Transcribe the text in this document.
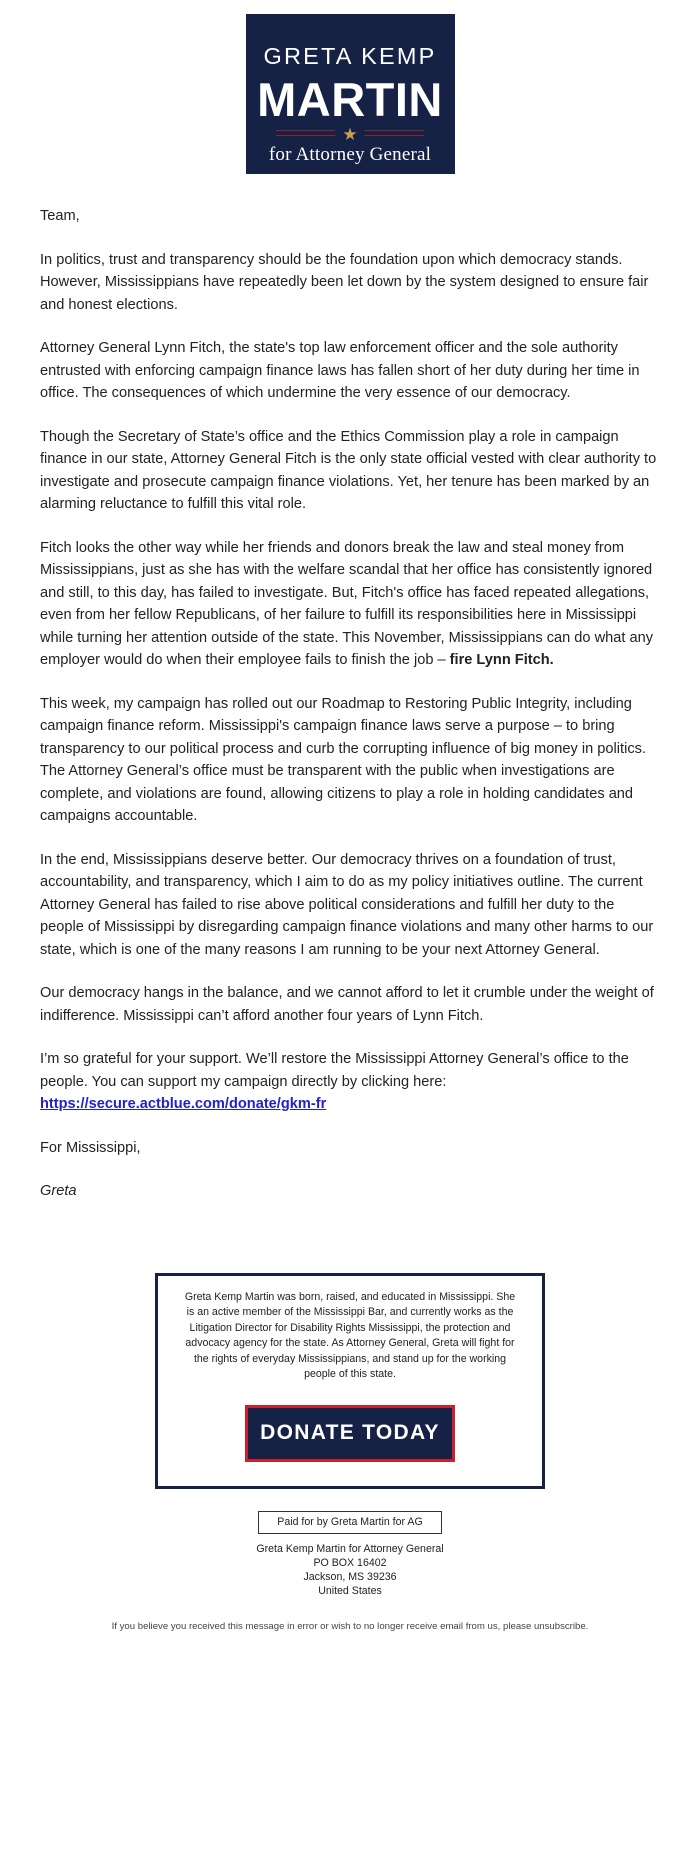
GRETA KEMP
MARTIN
★
for Attorney General

Team,

In politics, trust and transparency should be the foundation upon which democracy stands. However, Mississippians have repeatedly been let down by the system designed to ensure fair and honest elections.

Attorney General Lynn Fitch, the state's top law enforcement officer and the sole authority entrusted with enforcing campaign finance laws has fallen short of her duty during her time in office. The consequences of which undermine the very essence of our democracy.

Though the Secretary of State’s office and the Ethics Commission play a role in campaign finance in our state, Attorney General Fitch is the only state official vested with clear authority to investigate and prosecute campaign finance violations. Yet, her tenure has been marked by an alarming reluctance to fulfill this vital role.

Fitch looks the other way while her friends and donors break the law and steal money from Mississippians, just as she has with the welfare scandal that her office has consistently ignored and still, to this day, has failed to investigate. But, Fitch's office has faced repeated allegations, even from her fellow Republicans, of her failure to fulfill its responsibilities here in Mississippi while turning her attention outside of the state. This November, Mississippians can do what any employer would do when their employee fails to finish the job – fire Lynn Fitch.

This week, my campaign has rolled out our Roadmap to Restoring Public Integrity, including campaign finance reform. Mississippi's campaign finance laws serve a purpose – to bring transparency to our political process and curb the corrupting influence of big money in politics. The Attorney General’s office must be transparent with the public when investigations are complete, and violations are found, allowing citizens to play a role in holding candidates and campaigns accountable.

In the end, Mississippians deserve better. Our democracy thrives on a foundation of trust, accountability, and transparency, which I aim to do as my policy initiatives outline. The current Attorney General has failed to rise above political considerations and fulfill her duty to the people of Mississippi by disregarding campaign finance violations and many other harms to our state, which is one of the many reasons I am running to be your next Attorney General.

Our democracy hangs in the balance, and we cannot afford to let it crumble under the weight of indifference. Mississippi can’t afford another four years of Lynn Fitch.

I’m so grateful for your support. We’ll restore the Mississippi Attorney General’s office to the people. You can support my campaign directly by clicking here: https://secure.actblue.com/donate/gkm-fr

For Mississippi,

Greta

Greta Kemp Martin was born, raised, and educated in Mississippi. She is an active member of the Mississippi Bar, and currently works as the Litigation Director for Disability Rights Mississippi, the protection and advocacy agency for the state. As Attorney General, Greta will fight for the rights of everyday Mississippians, and stand up for the working people of this state.

DONATE TODAY
Paid for by Greta Martin for AG
Greta Kemp Martin for Attorney General
PO BOX 16402
Jackson, MS 39236
United States
If you believe you received this message in error or wish to no longer receive email from us, please unsubscribe.
